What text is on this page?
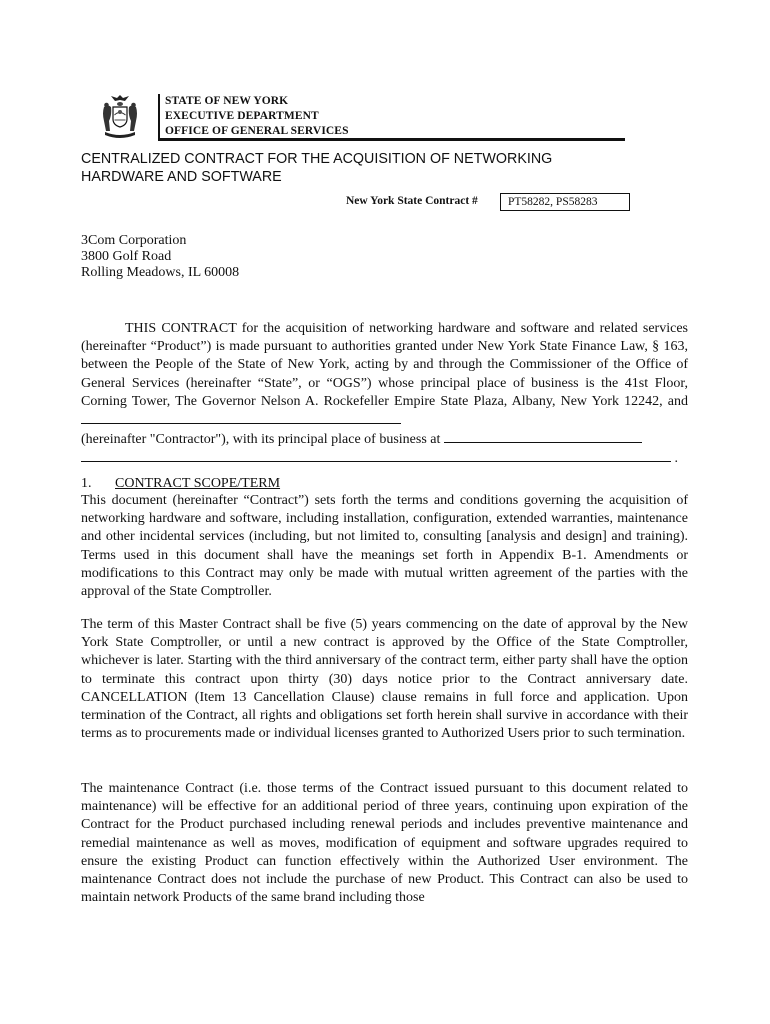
STATE OF NEW YORK
EXECUTIVE DEPARTMENT
OFFICE OF GENERAL SERVICES
CENTRALIZED CONTRACT FOR THE ACQUISITION OF NETWORKING
HARDWARE AND SOFTWARE
New York State Contract #	PT58282, PS58283
3Com Corporation
3800 Golf Road
Rolling Meadows, IL 60008

THIS CONTRACT for the acquisition of networking hardware and software and related services (hereinafter “Product”) is made pursuant to authorities granted under New York State Finance Law, § 163, between the People of the State of New York, acting by and through the Commissioner of the Office of General Services (hereinafter “State”, or “OGS”) whose principal place of business is the 41st Floor, Corning Tower, The Governor Nelson A. Rockefeller Empire State Plaza, Albany, New York 12242, and
(hereinafter "Contractor"), with its principal place of business at
.

1. CONTRACT SCOPE/TERM

This document (hereinafter “Contract”) sets forth the terms and conditions governing the acquisition of networking hardware and software, including installation, configuration, extended warranties, maintenance and other incidental services (including, but not limited to, consulting [analysis and design] and training). Terms used in this document shall have the meanings set forth in Appendix B-1. Amendments or modifications to this Contract may only be made with mutual written agreement of the parties with the approval of the State Comptroller.

The term of this Master Contract shall be five (5) years commencing on the date of approval by the New York State Comptroller, or until a new contract is approved by the Office of the State Comptroller, whichever is later. Starting with the third anniversary of the contract term, either party shall have the option to terminate this contract upon thirty (30) days notice prior to the Contract anniversary date. CANCELLATION (Item 13 Cancellation Clause) clause remains in full force and application. Upon termination of the Contract, all rights and obligations set forth herein shall survive in accordance with their terms as to procurements made or individual licenses granted to Authorized Users prior to such termination.

The maintenance Contract (i.e. those terms of the Contract issued pursuant to this document related to maintenance) will be effective for an additional period of three years, continuing upon expiration of the Contract for the Product purchased including renewal periods and includes preventive maintenance and remedial maintenance as well as moves, modification of equipment and software upgrades required to ensure the existing Product can function effectively within the Authorized User environment. The maintenance Contract does not include the purchase of new Product. This Contract can also be used to maintain network Products of the same brand including those
